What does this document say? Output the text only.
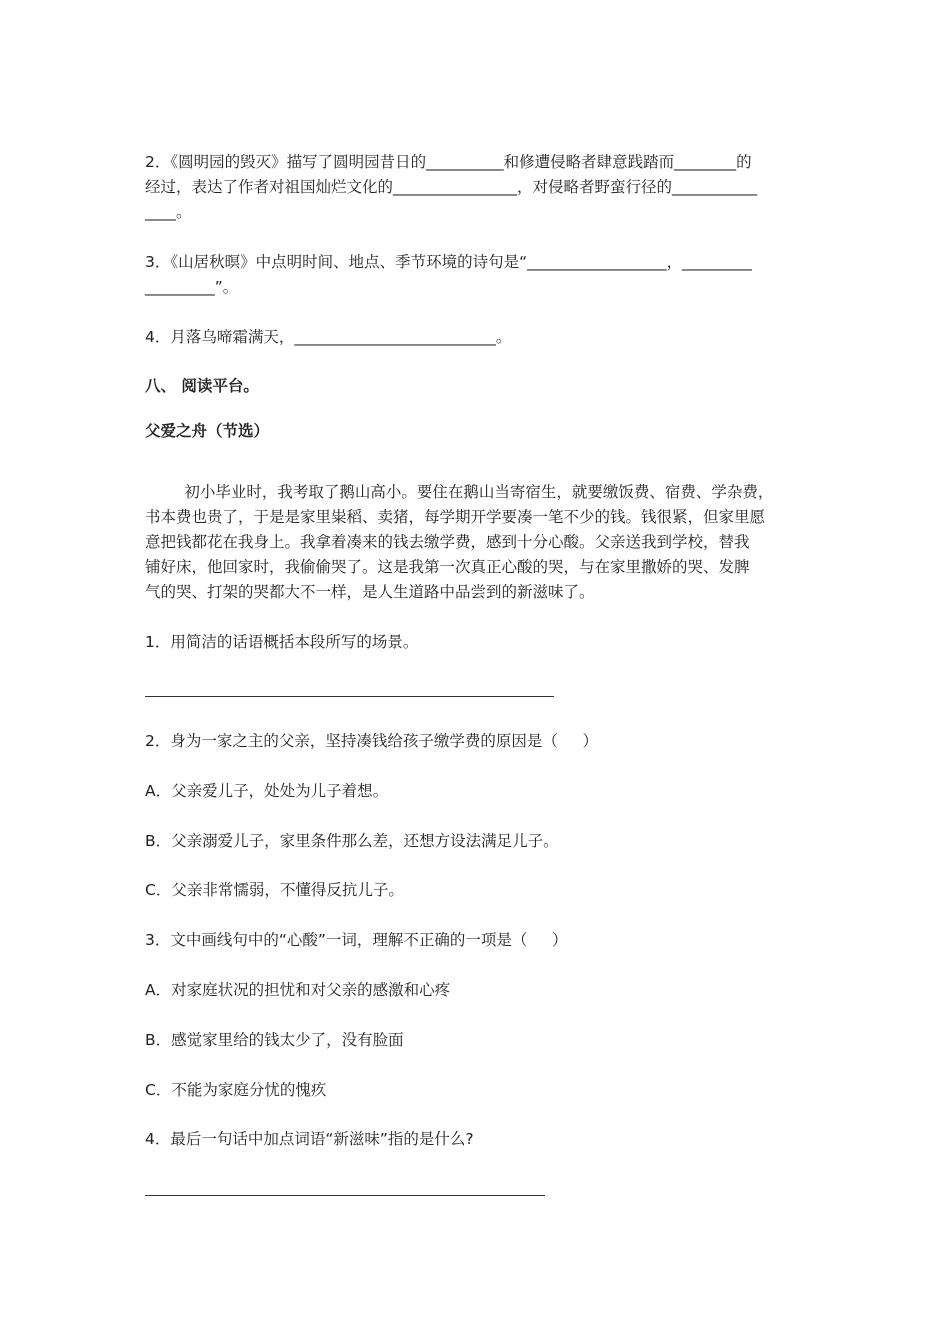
2．《圆明园的毁灭》描写了圆明园昔日的__________和修遭侵略者肆意践踏而________的
经过，表达了作者对祖国灿烂文化的________________，对侵略者野蛮行径的___________
____。
3．《山居秋暝》中点明时间、地点、季节环境的诗句是“__________________，_________
_________”。
4．月落乌啼霜满天，__________________________。
八、 阅读平台。
父爱之舟（节选）
初小毕业时，我考取了鹅山高小。要住在鹅山当寄宿生，就要缴饭费、宿费、学杂费，
书本费也贵了，于是是家里粜稻、卖猪，每学期开学要凑一笔不少的钱。钱很紧，但家里愿
意把钱都花在我身上。我拿着凑来的钱去缴学费，感到十分心酸。父亲送我到学校，替我
铺好床，他回家时，我偷偷哭了。这是我第一次真正心酸的哭，与在家里撒娇的哭、发脾
气的哭、打架的哭都大不一样，是人生道路中品尝到的新滋味了。
1．用简洁的话语概括本段所写的场景。
2．身为一家之主的父亲，坚持凑钱给孩子缴学费的原因是（     ）
A．父亲爱儿子，处处为儿子着想。
B．父亲溺爱儿子，家里条件那么差，还想方设法满足儿子。
C．父亲非常懦弱，不懂得反抗儿子。
3．文中画线句中的“心酸”一词，理解不正确的一项是（     ）
A．对家庭状况的担忧和对父亲的感激和心疼
B．感觉家里给的钱太少了，没有脸面
C．不能为家庭分忧的愧疚
4．最后一句话中加点词语“新滋味”指的是什么?
